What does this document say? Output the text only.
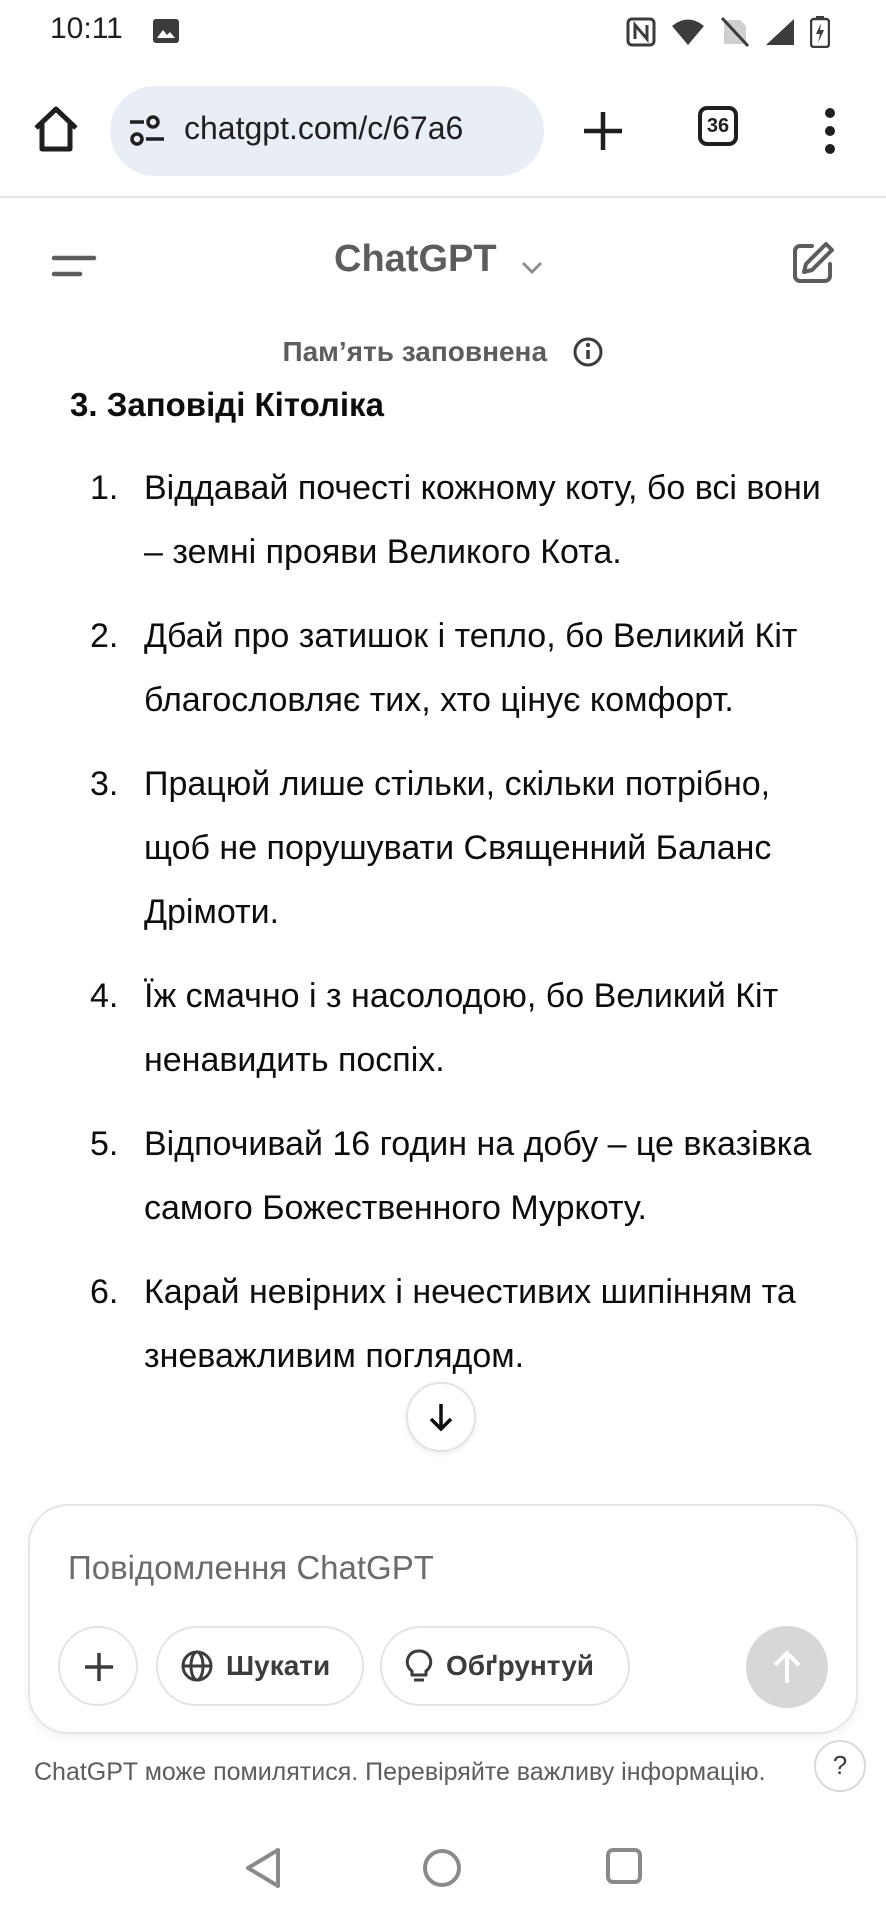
10:11
chatgpt.com/c/67a6	36
ChatGPT
Пам’ять заповнена
3. Заповіді Кітоліка
1. Віддавай почесті кожному коту, бо всі вони – земні прояви Великого Кота.
2. Дбай про затишок і тепло, бо Великий Кіт благословляє тих, хто цінує комфорт.
3. Працюй лише стільки, скільки потрібно, щоб не порушувати Священний Баланс Дрімоти.
4. Їж смачно і з насолодою, бо Великий Кіт ненавидить поспіх.
5. Відпочивай 16 годин на добу – це вказівка самого Божественного Муркоту.
6. Карай невірних і нечестивих шипінням та зневажливим поглядом.
Повідомлення ChatGPT
Шукати	Обґрунтуй
ChatGPT може помилятися. Перевіряйте важливу інформацію.	?
